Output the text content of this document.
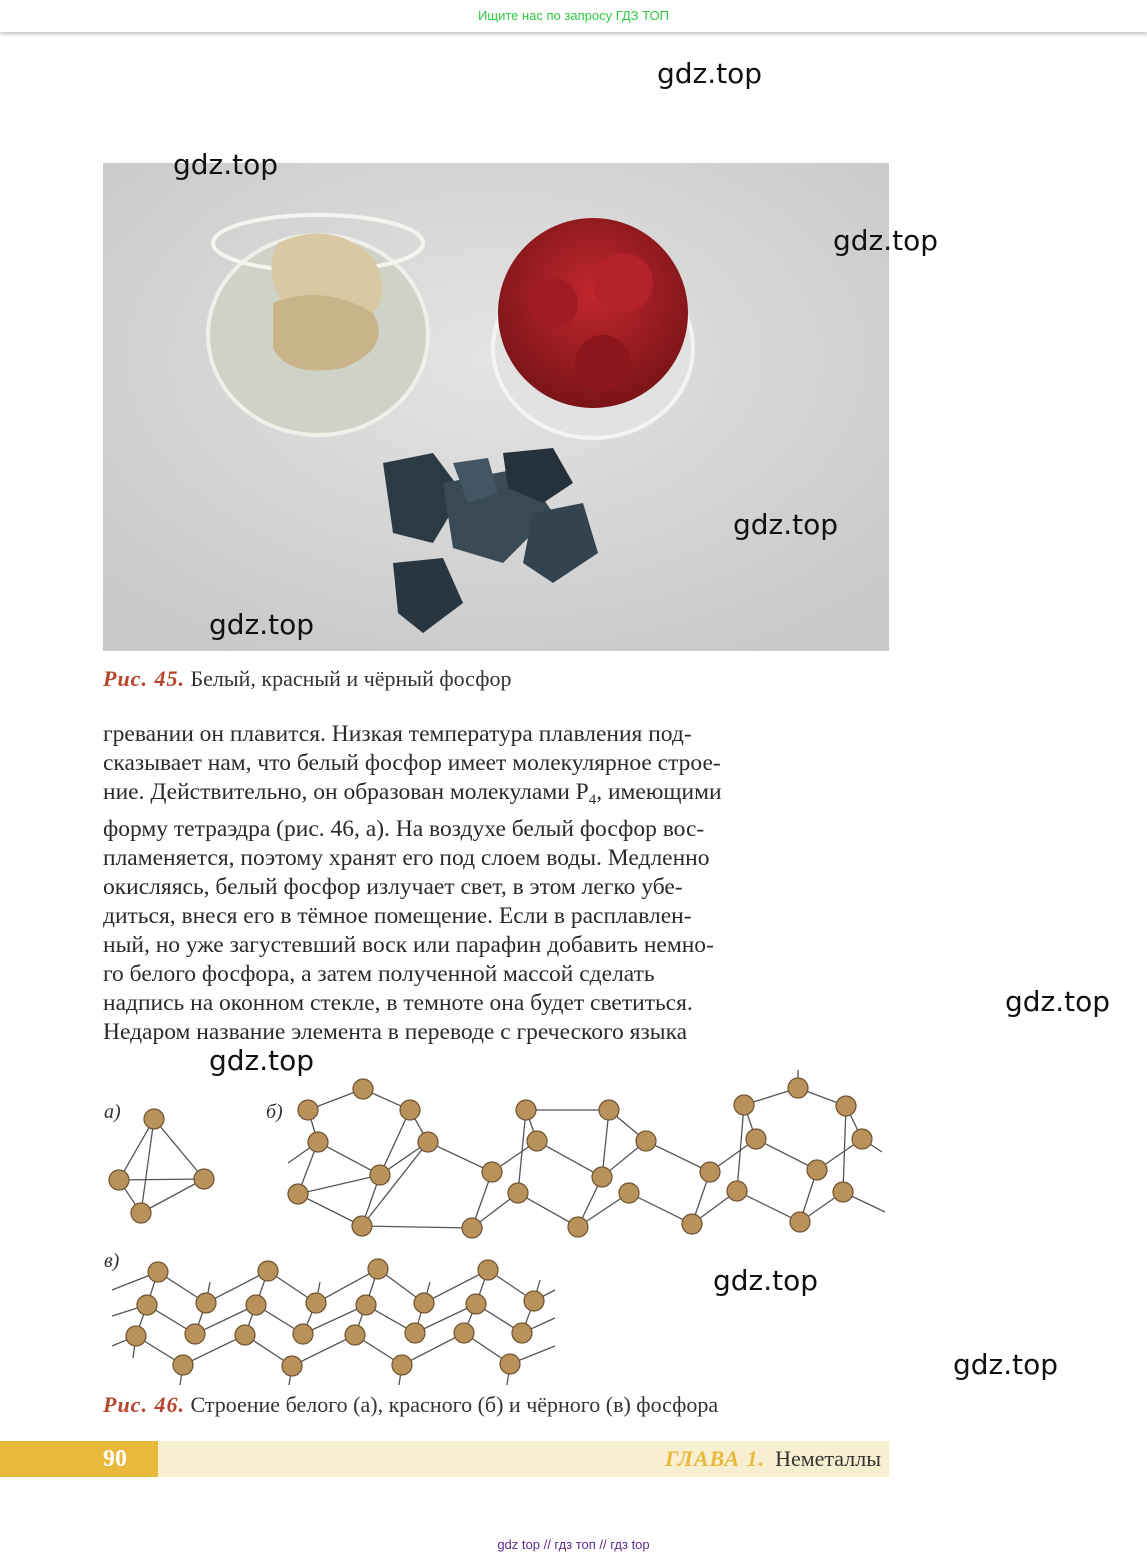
Ищите нас по запросу ГДЗ ТОП
gdz.top
gdz.top
gdz.top
gdz.top
gdz.top
Рис. 45. Белый, красный и чёрный фосфор

гревании он плавится. Низкая температура плавления под-

сказывает нам, что белый фосфор имеет молекулярное строе-

ние. Действительно, он образован молекулами $P_4$, имеющими

форму тетраэдра (рис. 46, а). На воздухе белый фосфор вос-

пламеняется, поэтому хранят его под слоем воды. Медленно

окисляясь, белый фосфор излучает свет, в этом легко убе-

диться, внеся его в тёмное помещение. Если в расплавлен-

ный, но уже загустевший воск или парафин добавить немно-

го белого фосфора, а затем полученной массой сделать

надпись на оконном стекле, в темноте она будет светиться.

Недаром название элемента в переводе с греческого языка

gdz.top
gdz.top
а)	б)
в)
gdz.top
gdz.top
Рис. 46. Строение белого (а), красного (б) и чёрного (в) фосфора
90	ГЛАВА 1. Неметаллы
gdz top // гдз топ // гдз top
